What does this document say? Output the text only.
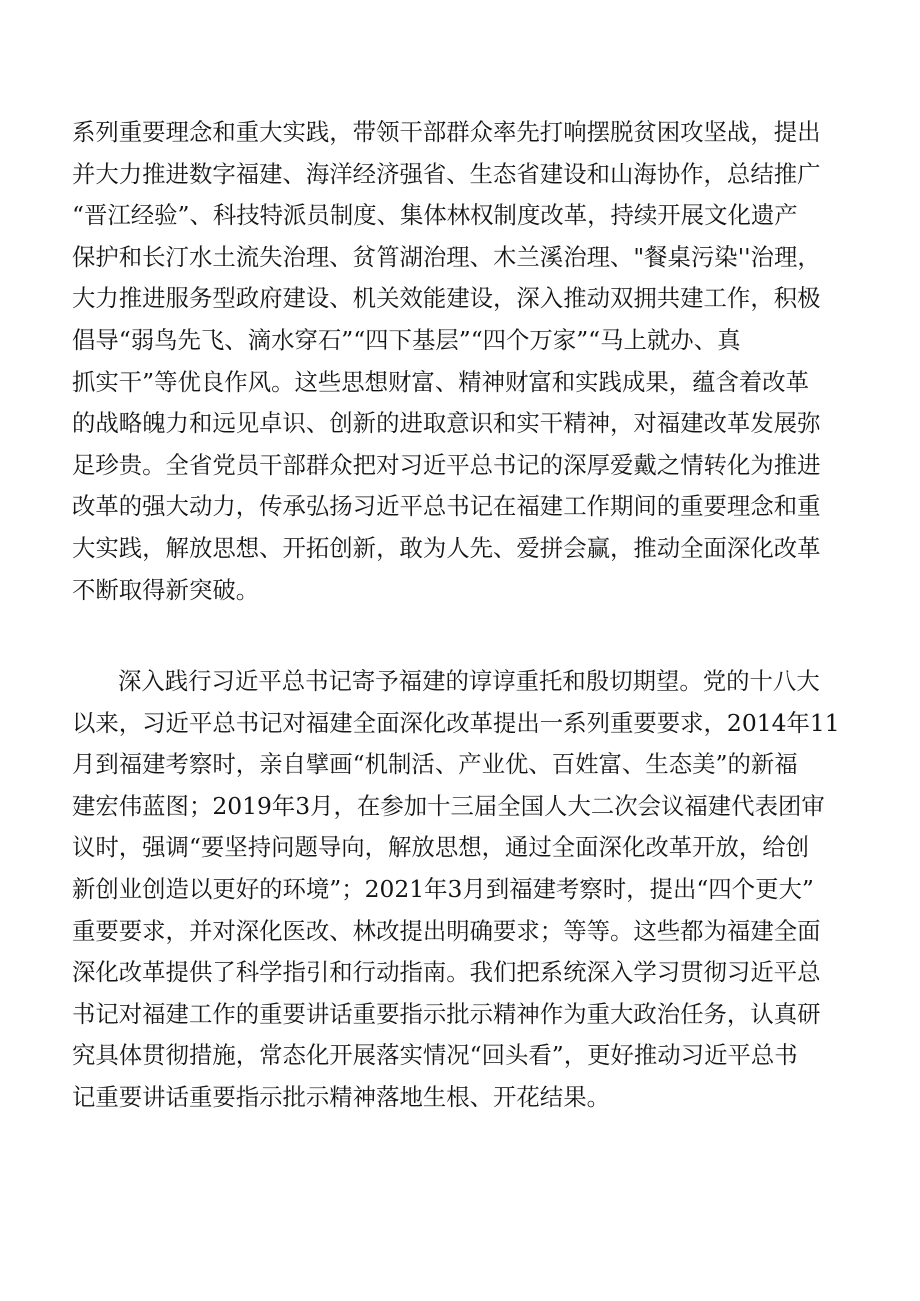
系列重要理念和重大实践，带领干部群众率先打响摆脱贫困攻坚战，提出
并大力推进数字福建、海洋经济强省、生态省建设和山海协作，总结推广
“晋江经验”、科技特派员制度、集体林权制度改革，持续开展文化遗产
保护和长汀水土流失治理、贫筲湖治理、木兰溪治理、"餐桌污染''治理，
大力推进服务型政府建设、机关效能建设，深入推动双拥共建工作，积极
倡导“弱鸟先飞、滴水穿石”“四下基层”“四个万家”“马上就办、真
抓实干”等优良作风。这些思想财富、精神财富和实践成果，蕴含着改革
的战略魄力和远见卓识、创新的进取意识和实干精神，对福建改革发展弥
足珍贵。全省党员干部群众把对习近平总书记的深厚爱戴之情转化为推进
改革的强大动力，传承弘扬习近平总书记在福建工作期间的重要理念和重
大实践，解放思想、开拓创新，敢为人先、爱拼会赢，推动全面深化改革
不断取得新突破。

深入践行习近平总书记寄予福建的谆谆重托和殷切期望。党的十八大
以来，习近平总书记对福建全面深化改革提出一系列重要要求，2014年11
月到福建考察时，亲自擘画“机制活、产业优、百姓富、生态美”的新福
建宏伟蓝图；2019年3月，在参加十三届全国人大二次会议福建代表团审
议时，强调“要坚持问题导向，解放思想，通过全面深化改革开放，给创
新创业创造以更好的环境”；2021年3月到福建考察时，提出“四个更大”
重要要求，并对深化医改、林改提出明确要求；等等。这些都为福建全面
深化改革提供了科学指引和行动指南。我们把系统深入学习贯彻习近平总
书记对福建工作的重要讲话重要指示批示精神作为重大政治任务，认真研
究具体贯彻措施，常态化开展落实情况“回头看”，更好推动习近平总书
记重要讲话重要指示批示精神落地生根、开花结果。
